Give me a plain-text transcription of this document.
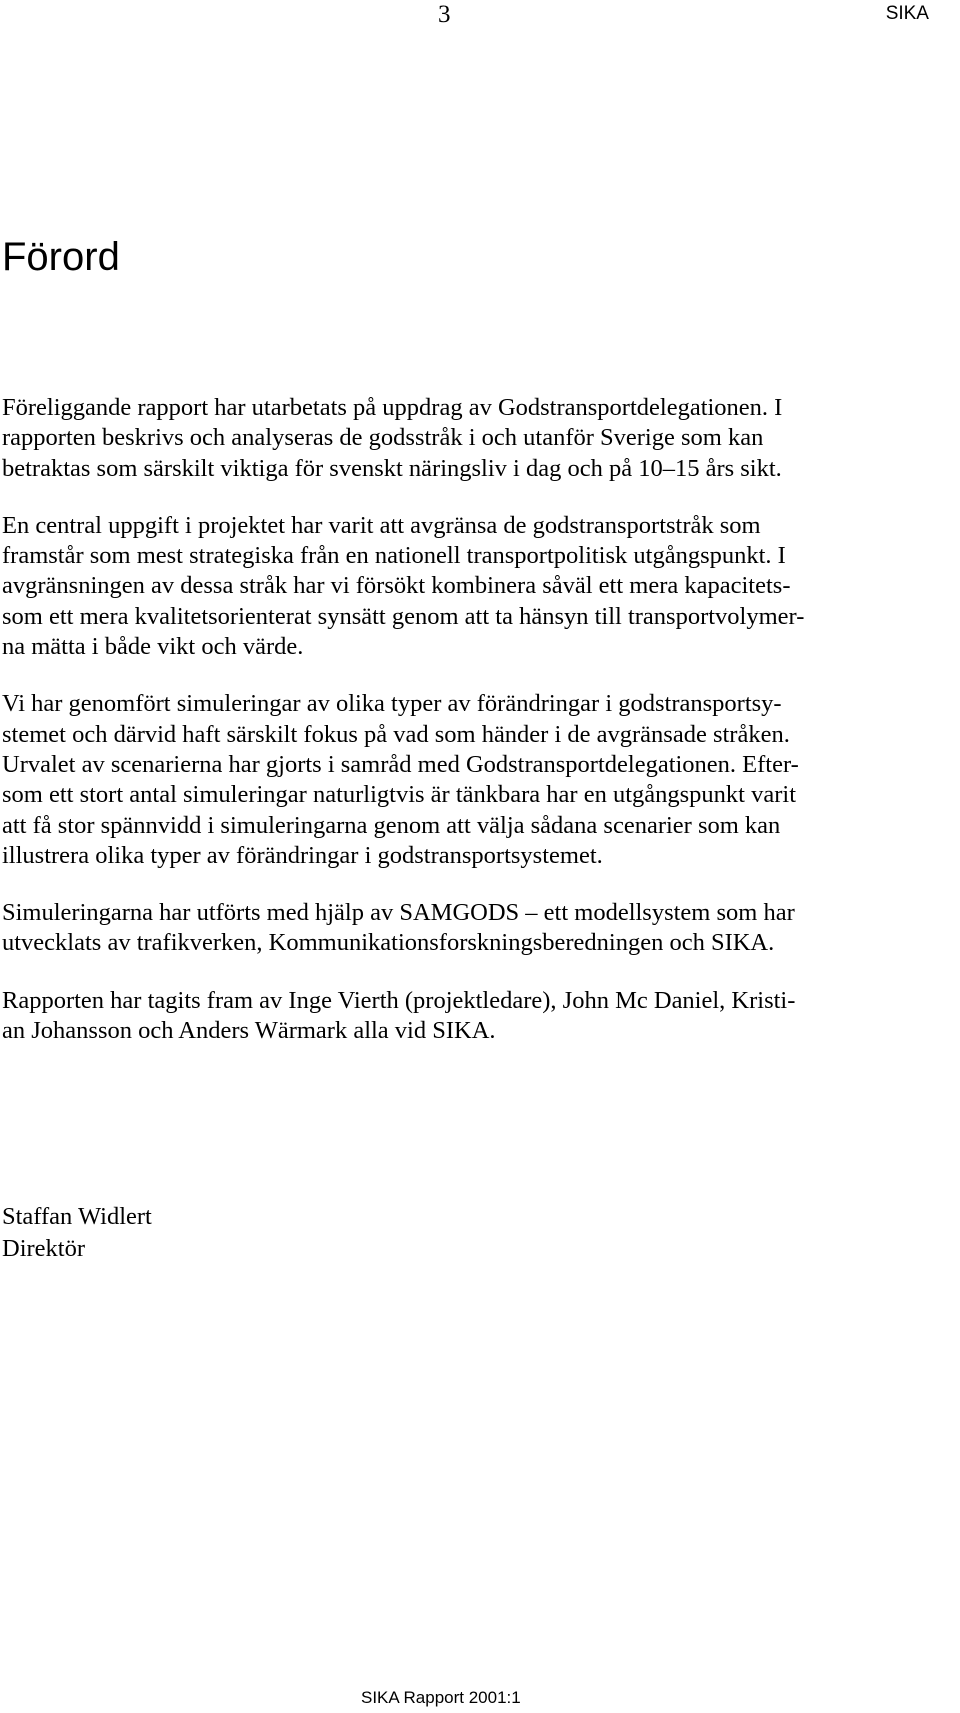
3	SIKA
Förord

Föreliggande rapport har utarbetats på uppdrag av Godstransportdelegationen. I
rapporten beskrivs och analyseras de godsstråk i och utanför Sverige som kan
betraktas som särskilt viktiga för svenskt näringsliv i dag och på 10–15 års sikt.

En central uppgift i projektet har varit att avgränsa de godstransportstråk som
framstår som mest strategiska från en nationell transportpolitisk utgångspunkt. I
avgränsningen av dessa stråk har vi försökt kombinera såväl ett mera kapacitets-
som ett mera kvalitetsorienterat synsätt genom att ta hänsyn till transportvolymer-
na mätta i både vikt och värde.

Vi har genomfört simuleringar av olika typer av förändringar i godstransportsy-
stemet och därvid haft särskilt fokus på vad som händer i de avgränsade stråken.
Urvalet av scenarierna har gjorts i samråd med Godstransportdelegationen. Efter-
som ett stort antal simuleringar naturligtvis är tänkbara har en utgångspunkt varit
att få stor spännvidd i simuleringarna genom att välja sådana scenarier som kan
illustrera olika typer av förändringar i godstransportsystemet.

Simuleringarna har utförts med hjälp av SAMGODS – ett modellsystem som har
utvecklats av trafikverken, Kommunikationsforskningsberedningen och SIKA.

Rapporten har tagits fram av Inge Vierth (projektledare), John Mc Daniel, Kristi-
an Johansson och Anders Wärmark alla vid SIKA.

Staffan Widlert
Direktör
SIKA Rapport 2001:1
